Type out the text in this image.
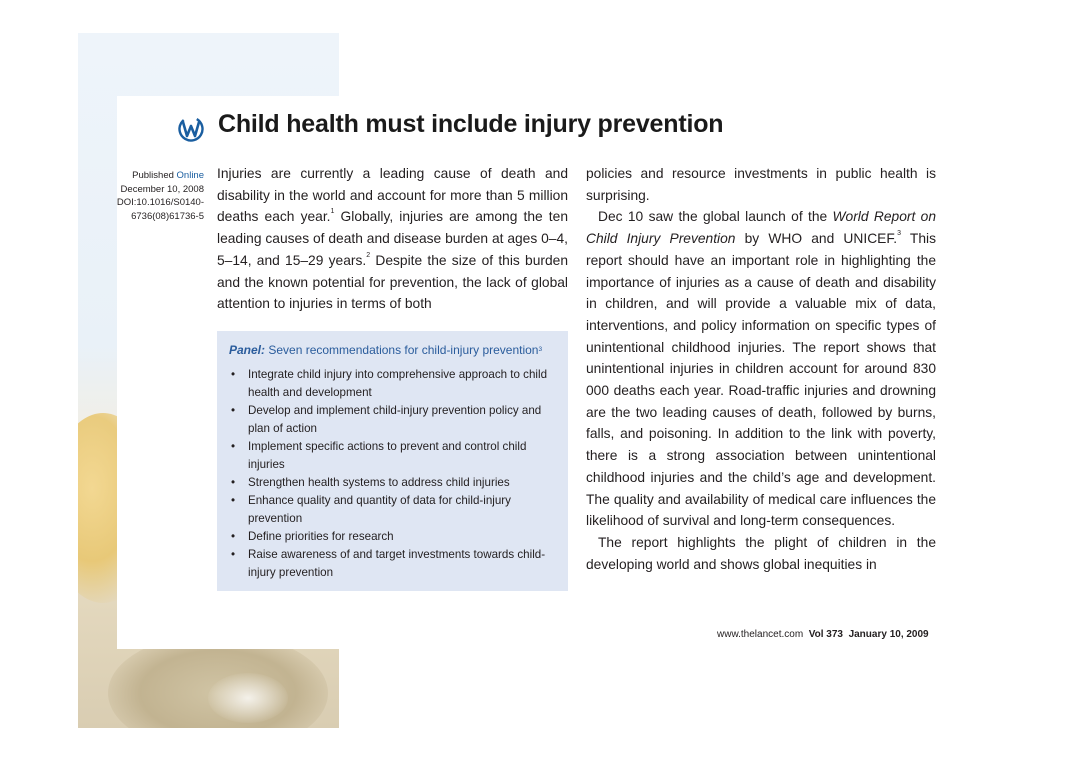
Child health must include injury prevention
Published Online
December 10, 2008
DOI:10.1016/S0140-
6736(08)61736-5

Injuries are currently a leading cause of death and disability in the world and account for more than 5 million deaths each year.$^1$ Globally, injuries are among the ten leading causes of death and disease burden at ages 0–4, 5–14, and 15–29 years.$^2$ Despite the size of this burden and the known potential for prevention, the lack of global attention to injuries in terms of both

Panel: Seven recommendations for child-injury prevention$^3$
• Integrate child injury into comprehensive approach to child health and development
• Develop and implement child-injury prevention policy and plan of action
• Implement specific actions to prevent and control child injuries
• Strengthen health systems to address child injuries
• Enhance quality and quantity of data for child-injury prevention
• Define priorities for research
• Raise awareness of and target investments towards child-injury prevention

policies and resource investments in public health is surprising.

Dec 10 saw the global launch of the World Report on Child Injury Prevention by WHO and UNICEF.$^3$ This report should have an important role in highlighting the importance of injuries as a cause of death and disability in children, and will provide a valuable mix of data, interventions, and policy information on specific types of unintentional childhood injuries. The report shows that unintentional injuries in children account for around 830 000 deaths each year. Road-traffic injuries and drowning are the two leading causes of death, followed by burns, falls, and poisoning. In addition to the link with poverty, there is a strong association between unintentional childhood injuries and the child’s age and development. The quality and availability of medical care influences the likelihood of survival and long-term consequences.

The report highlights the plight of children in the developing world and shows global inequities in

www.thelancet.com Vol 373 January 10, 2009
